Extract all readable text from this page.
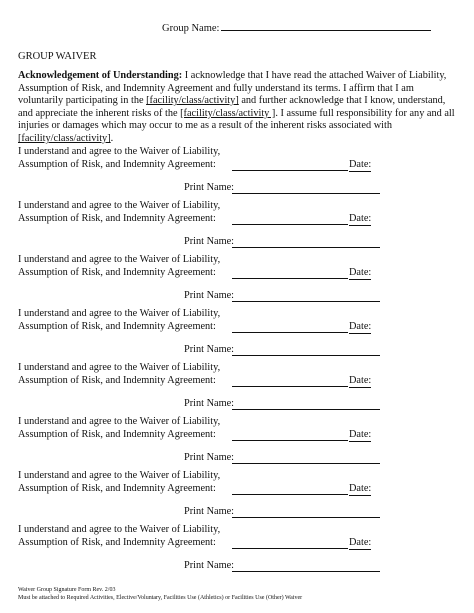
Group Name:
GROUP WAIVER
Acknowledgement of Understanding: I acknowledge that I have read the attached Waiver of Liability, Assumption of Risk, and Indemnity Agreement and fully understand its terms. I affirm that I am voluntarily participating in the [facility/class/activity] and further acknowledge that I know, understand, and appreciate the inherent risks of the [facility/class/activity ]. I assume full responsibility for any and all injuries or damages which may occur to me as a result of the inherent risks associated with [facility/class/activity].
I understand and agree to the Waiver of Liability,
Assumption of Risk, and Indemnity Agreement:	Date:
Print Name:
I understand and agree to the Waiver of Liability,
Assumption of Risk, and Indemnity Agreement:	Date:
Print Name:
I understand and agree to the Waiver of Liability,
Assumption of Risk, and Indemnity Agreement:	Date:
Print Name:
I understand and agree to the Waiver of Liability,
Assumption of Risk, and Indemnity Agreement:	Date:
Print Name:
I understand and agree to the Waiver of Liability,
Assumption of Risk, and Indemnity Agreement:	Date:
Print Name:
I understand and agree to the Waiver of Liability,
Assumption of Risk, and Indemnity Agreement:	Date:
Print Name:
I understand and agree to the Waiver of Liability,
Assumption of Risk, and Indemnity Agreement:	Date:
Print Name:
I understand and agree to the Waiver of Liability,
Assumption of Risk, and Indemnity Agreement:	Date:
Print Name:
Waiver Group Signature Form Rev. 2/03
Must be attached to Required Activities, Elective/Voluntary, Facilities Use (Athletics) or Facilities Use (Other) Waiver
